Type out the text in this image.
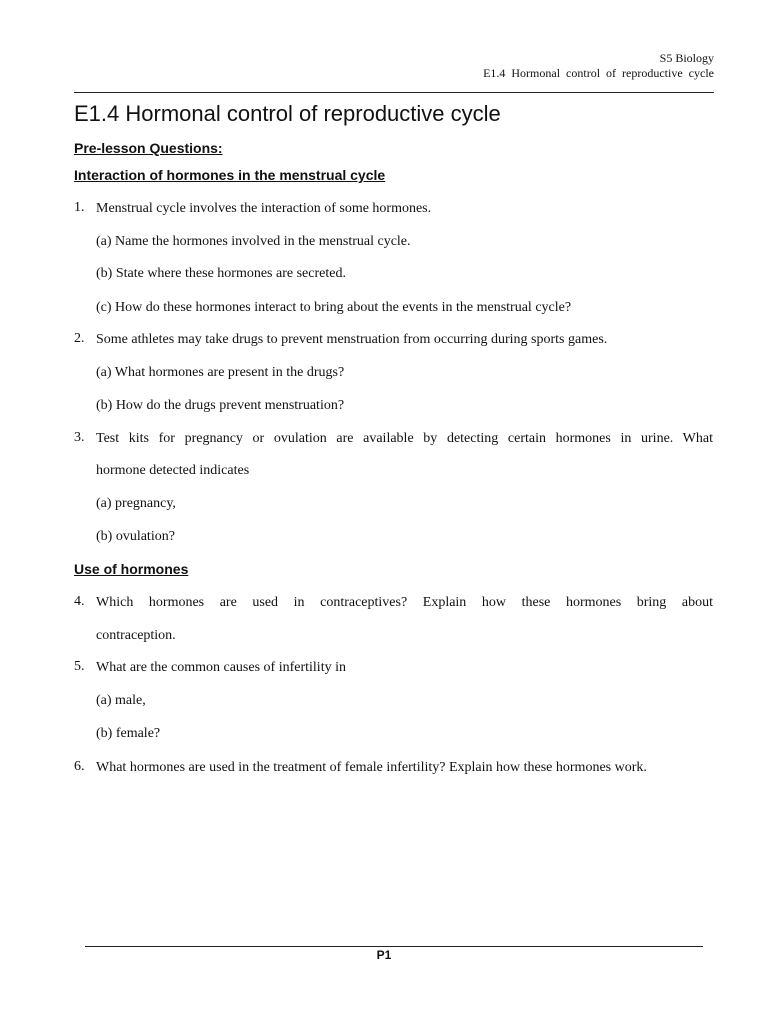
S5 Biology
E1.4 Hormonal control of reproductive cycle
E1.4 Hormonal control of reproductive cycle
Pre-lesson Questions:
Interaction of hormones in the menstrual cycle
1. Menstrual cycle involves the interaction of some hormones.
(a) Name the hormones involved in the menstrual cycle.
(b) State where these hormones are secreted.
(c) How do these hormones interact to bring about the events in the menstrual cycle?
2. Some athletes may take drugs to prevent menstruation from occurring during sports games.
(a) What hormones are present in the drugs?
(b) How do the drugs prevent menstruation?
3. Test kits for pregnancy or ovulation are available by detecting certain hormones in urine. What
hormone detected indicates
(a) pregnancy,
(b) ovulation?
Use of hormones
4. Which hormones are used in contraceptives? Explain how these hormones bring about
contraception.
5. What are the common causes of infertility in
(a) male,
(b) female?
6. What hormones are used in the treatment of female infertility? Explain how these hormones work.
P1
